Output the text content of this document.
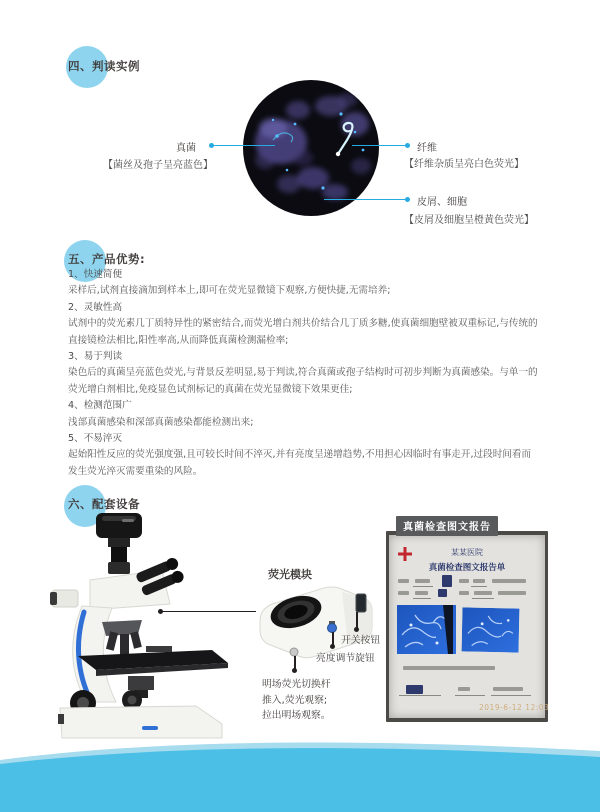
四、判读实例
真菌
【菌丝及孢子呈亮蓝色】
纤维
【纤维杂质呈亮白色荧光】
皮屑、细胞
【皮屑及细胞呈橙黄色荧光】
五、产品优势:
1、快速简便
采样后,试剂直接滴加到样本上,即可在荧光显微镜下观察,方便快捷,无需培养;
2、灵敏性高
试剂中的荧光素几丁质特异性的紧密结合,而荧光增白剂共价结合几丁质多糖,使真菌细胞壁被双重标记,与传统的直接镜检法相比,阳性率高,从而降低真菌检测漏检率;
3、易于判读
染色后的真菌呈亮蓝色荧光,与背景反差明显,易于判读,符合真菌或孢子结构时可初步判断为真菌感染。与单一的荧光增白剂相比,免疫显色试剂标记的真菌在荧光显微镜下效果更佳;
4、检测范围广
浅部真菌感染和深部真菌感染都能检测出来;
5、不易淬灭
起始阳性反应的荧光强度强,且可较长时间不淬灭,并有亮度呈递增趋势,不用担心因临时有事走开,过段时间看而发生荧光淬灭需要重染的风险。
六、配套设备
荧光模块
开关按钮
亮度调节旋钮
明场荧光切换杆
推入,荧光观察;
拉出明场观察。
真菌检查图文报告
某某医院
真菌检查图文报告单
2019-6-12 12:03
